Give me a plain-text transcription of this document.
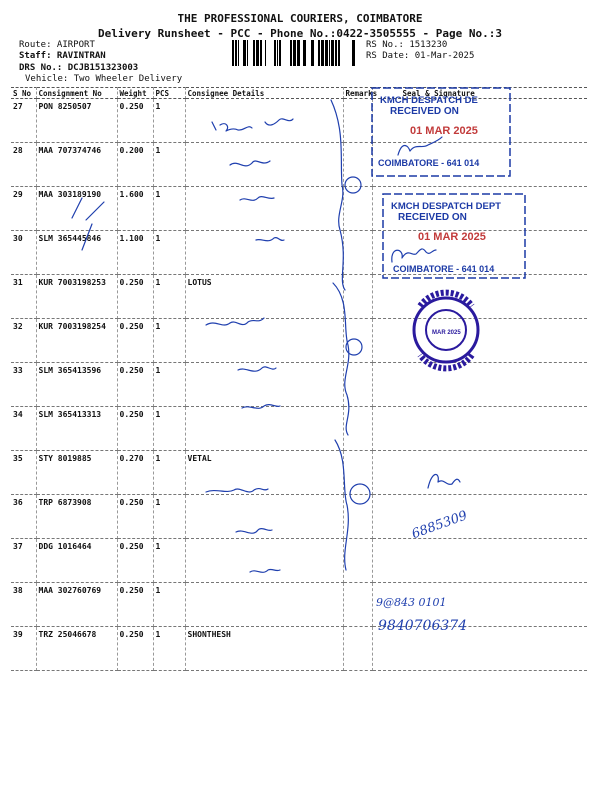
THE PROFESSIONAL COURIERS, COIMBATORE
Delivery Runsheet - PCC - Phone No.:0422-3505555 - Page No.:3
Route: AIRPORT
Staff: RAVINTRAN
DRS No.: DCJB151323003
Vehicle: Two Wheeler Delivery
RS No.: 1513230
RS Date: 01-Mar-2025
S No	Consignment No	Weight	PCS	Consignee Details	Remarks	Seal & Signature
27	PON 8250507	0.250	1			
28	MAA 707374746	0.200	1			
29	MAA 303189190	1.600	1			
30	SLM 365445846	1.100	1			
31	KUR 7003198253	0.250	1	LOTUS		
32	KUR 7003198254	0.250	1			
33	SLM 365413596	0.250	1			
34	SLM 365413313	0.250	1			
35	STY 8019885	0.270	1	VETAL		
36	TRP 6873908	0.250	1			
37	DDG 1016464	0.250	1			
38	MAA 302760769	0.250	1			
39	TRZ 25046678	0.250	1	SHONTHESH		
KMCH DESPATCH DE
RECEIVED ON
01 MAR 2025
COIMBATORE - 641 014
KMCH DESPATCH DEPT
RECEIVED ON
01 MAR 2025
COIMBATORE - 641 014
MAR 2025
6885309
9@843 0101
9840706374
